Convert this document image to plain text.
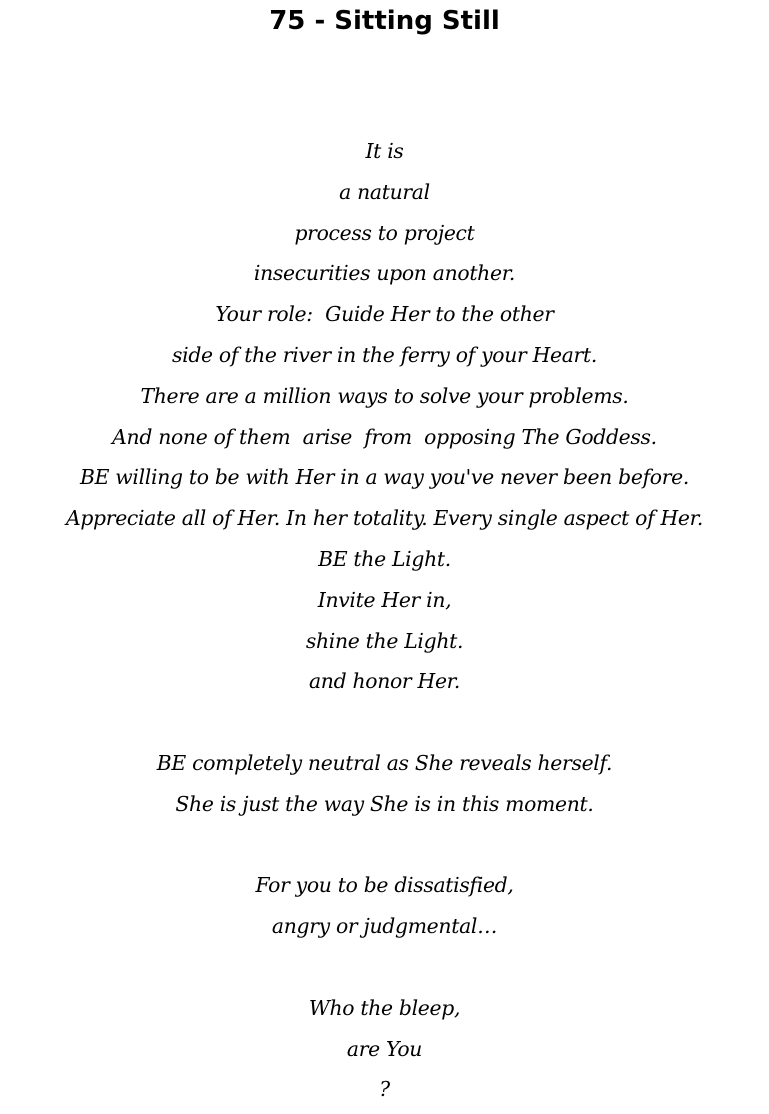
75 - Sitting Still
It is
a natural
process to project
insecurities upon another.
Your role:  Guide Her to the other
side of the river in the ferry of your Heart.
There are a million ways to solve your problems.
And none of them  arise  from  opposing The Goddess.
BE willing to be with Her in a way you've never been before.
Appreciate all of Her. In her totality. Every single aspect of Her.
BE the Light.
Invite Her in,
shine the Light.
and honor Her.
BE completely neutral as She reveals herself.
She is just the way She is in this moment.
For you to be dissatisfied,
angry or judgmental…
Who the bleep,
are You
?
